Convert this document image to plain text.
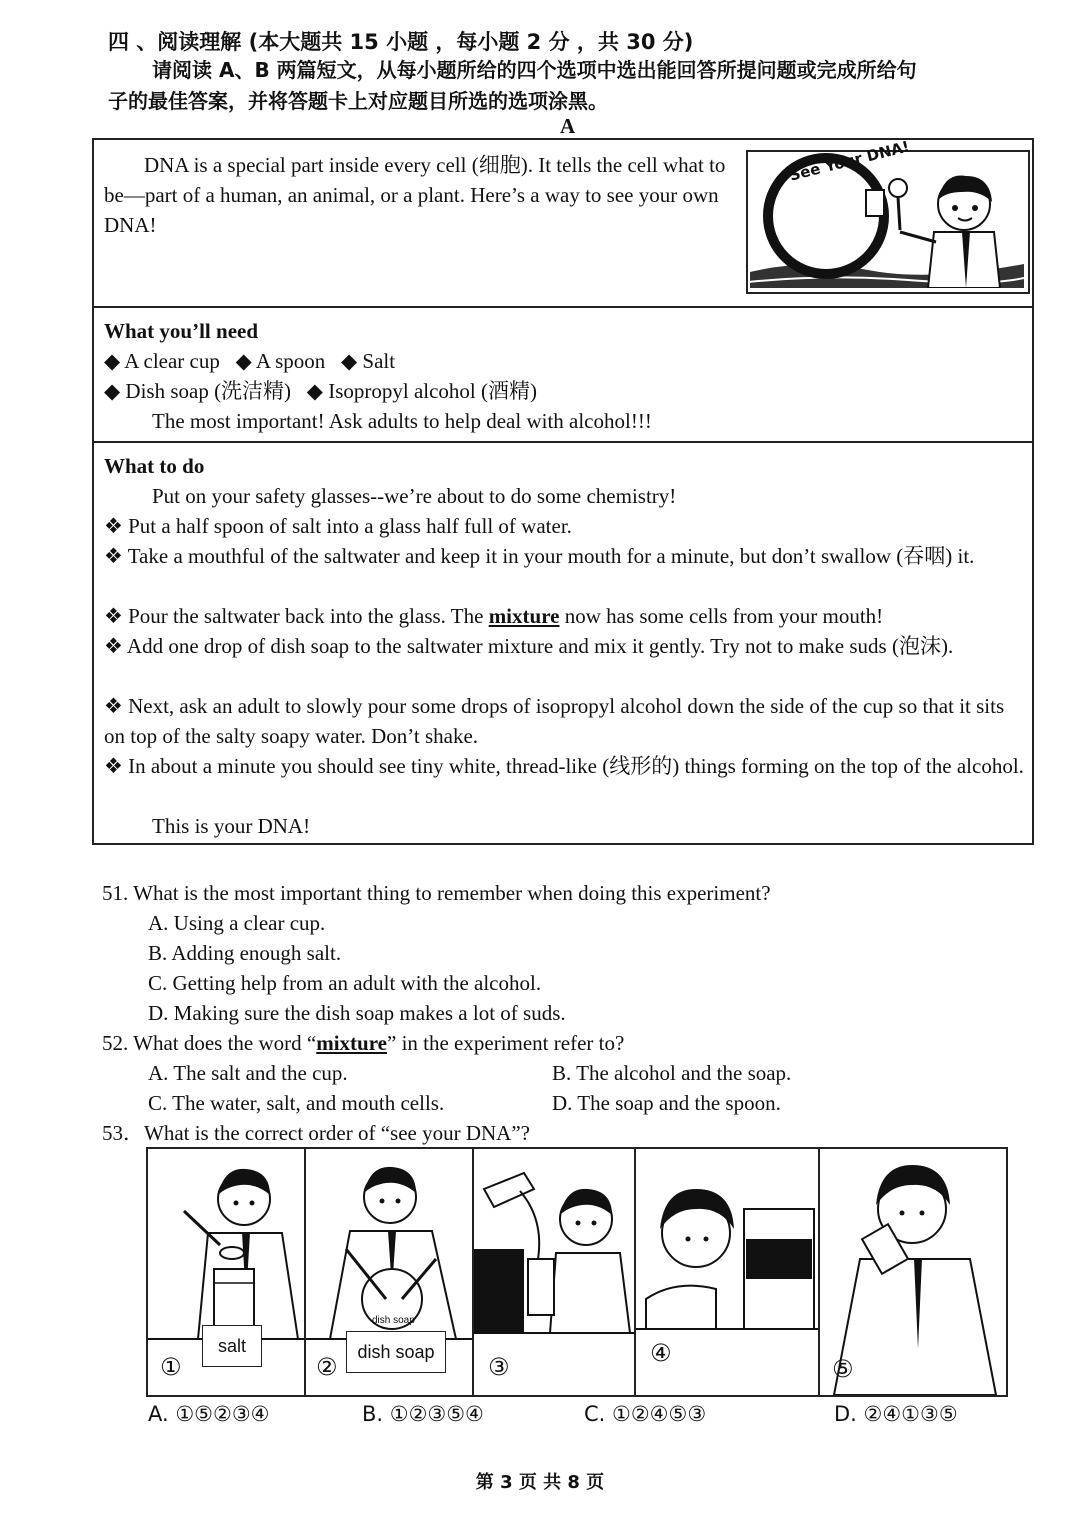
四 、阅读理解 (本大题共 15 小题 ，每小题 2 分 ，共 30 分)
请阅读 A、B 两篇短文，从每小题所给的四个选项中选出能回答所提问题或完成所给句
子的最佳答案，并将答题卡上对应题目所选的选项涂黑。
A
DNA is a special part inside every cell (细胞). It tells the cell what to be—part of a human, an animal, or a plant. Here’s a way to see your own DNA!
See Your DNA!
What you’ll need
◆ A clear cup   ◆ A spoon   ◆ Salt
◆ Dish soap (洗洁精)   ◆ Isopropyl alcohol (酒精)
The most important! Ask adults to help deal with alcohol!!!
What to do
Put on your safety glasses--we’re about to do some chemistry!
❖ Put a half spoon of salt into a glass half full of water.
❖ Take a mouthful of the saltwater and keep it in your mouth for a minute, but don’t swallow (吞咽) it.
❖ Pour the saltwater back into the glass. The mixture now has some cells from your mouth!
❖ Add one drop of dish soap to the saltwater mixture and mix it gently. Try not to make suds (泡沫).
❖ Next, ask an adult to slowly pour some drops of isopropyl alcohol down the side of the cup so that it sits on top of the salty soapy water. Don’t shake.
❖ In about a minute you should see tiny white, thread-like (线形的) things forming on the top of the alcohol.
This is your DNA!
51. What is the most important thing to remember when doing this experiment?
A. Using a clear cup.
B. Adding enough salt.
C. Getting help from an adult with the alcohol.
D. Making sure the dish soap makes a lot of suds.
52. What does the word “mixture” in the experiment refer to?
A. The salt and the cup.	B. The alcohol and the soap.
C. The water, salt, and mouth cells.	D. The soap and the spoon.
53．What is the correct order of “see your DNA”?
salt
①
dish soap
dish soap
②	③	④
⑤
A. ①⑤②③④	B. ①②③⑤④	C. ①②④⑤③	D. ②④①③⑤
第 3 页 共 8 页
